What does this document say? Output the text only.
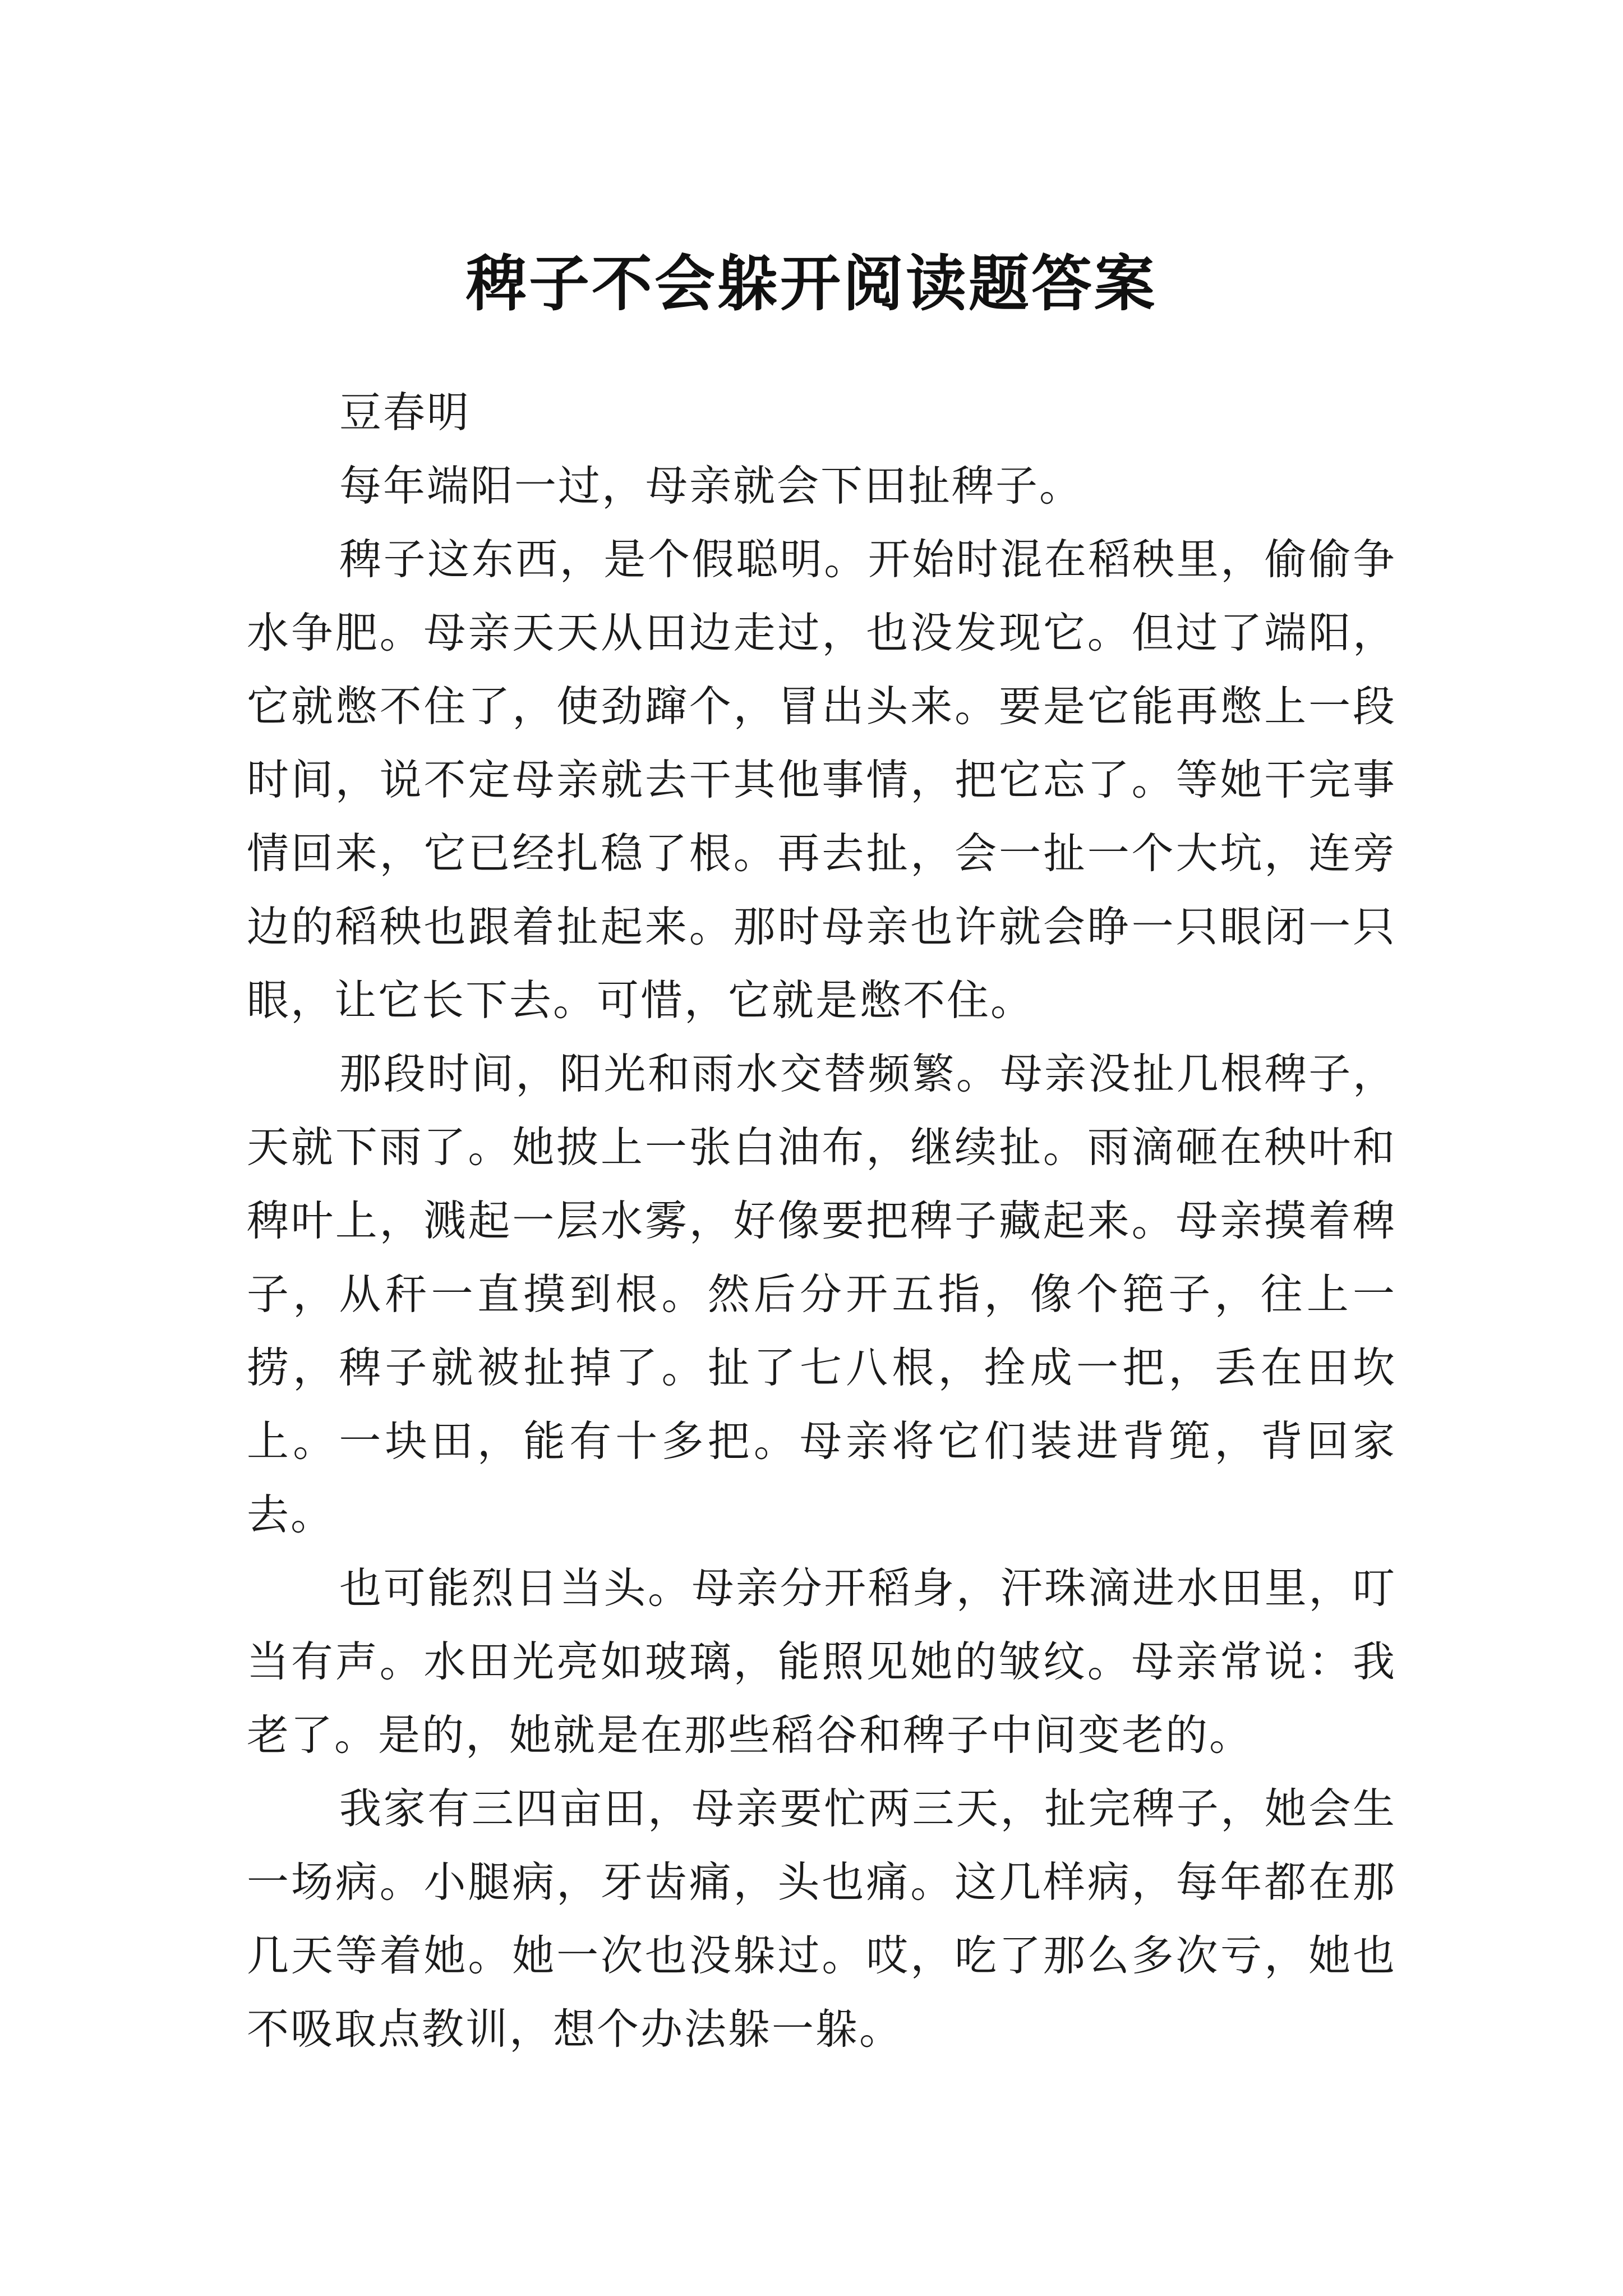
稗子不会躲开阅读题答案

豆春明

每年端阳一过，母亲就会下田扯稗子。

稗子这东西，是个假聪明。开始时混在稻秧里，偷偷争水争肥。母亲天天从田边走过，也没发现它。但过了端阳，它就憋不住了，使劲蹿个，冒出头来。要是它能再憋上一段时间，说不定母亲就去干其他事情，把它忘了。等她干完事情回来，它已经扎稳了根。再去扯，会一扯一个大坑，连旁边的稻秧也跟着扯起来。那时母亲也许就会睁一只眼闭一只眼，让它长下去。可惜，它就是憋不住。

那段时间，阳光和雨水交替频繁。母亲没扯几根稗子，天就下雨了。她披上一张白油布，继续扯。雨滴砸在秧叶和稗叶上，溅起一层水雾，好像要把稗子藏起来。母亲摸着稗子，从秆一直摸到根。然后分开五指，像个筢子，往上一捞，稗子就被扯掉了。扯了七八根，拴成一把，丢在田坎上。一块田，能有十多把。母亲将它们装进背篼，背回家去。

也可能烈日当头。母亲分开稻身，汗珠滴进水田里，叮当有声。水田光亮如玻璃，能照见她的皱纹。母亲常说：我老了。是的，她就是在那些稻谷和稗子中间变老的。

我家有三四亩田，母亲要忙两三天，扯完稗子，她会生一场病。小腿病，牙齿痛，头也痛。这几样病，每年都在那几天等着她。她一次也没躲过。哎，吃了那么多次亏，她也不吸取点教训，想个办法躲一躲。
